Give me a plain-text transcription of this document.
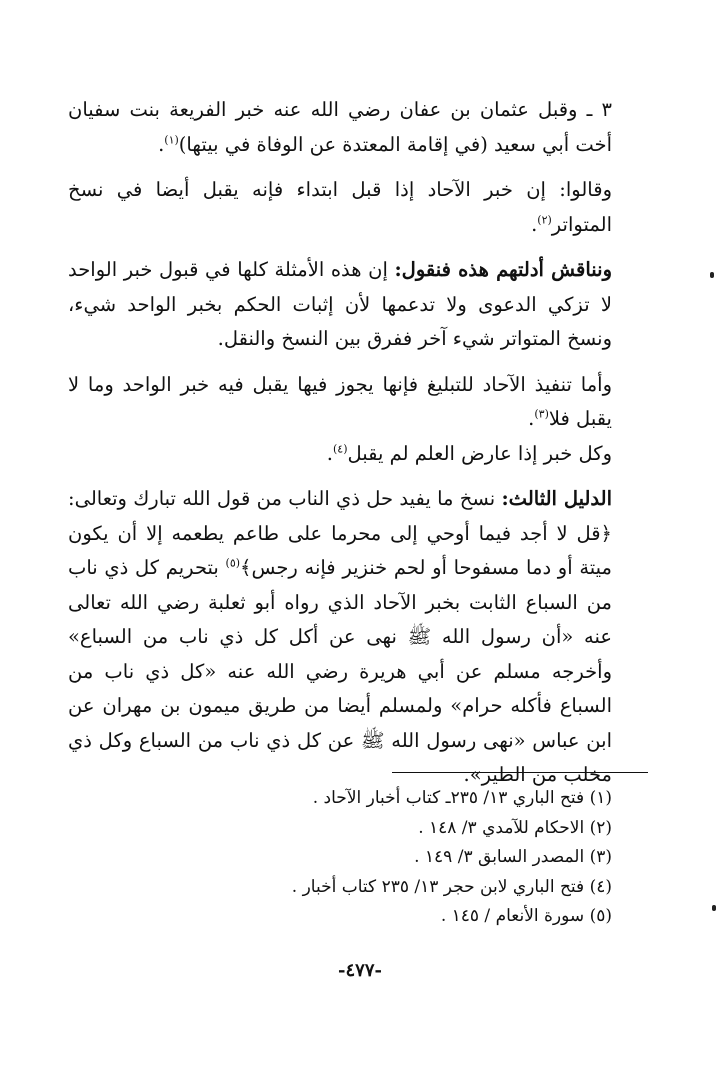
٣ ـ وقبل عثمان بن عفان رضي الله عنه خبر الفريعة بنت سفيان أخت أبي سعيد (في إقامة المعتدة عن الوفاة في بيتها)$^{(١)}$.

وقالوا: إن خبر الآحاد إذا قبل ابتداء فإنه يقبل أيضا في نسخ المتواتر$^{(٢)}$.

ونناقش أدلتهم هذه فنقول: إن هذه الأمثلة كلها في قبول خبر الواحد لا تزكي الدعوى ولا تدعمها لأن إثبات الحكم بخبر الواحد شيء، ونسخ المتواتر شيء آخر ففرق بين النسخ والنقل.

وأما تنفيذ الآحاد للتبليغ فإنها يجوز فيها يقبل فيه خبر الواحد وما لا يقبل فلا$^{(٣)}$.

وكل خبر إذا عارض العلم لم يقبل$^{(٤)}$.

الدليل الثالث: نسخ ما يفيد حل ذي الناب من قول الله تبارك وتعالى: ﴿قل لا أجد فيما أوحي إلى محرما على طاعم يطعمه إلا أن يكون ميتة أو دما مسفوحا أو لحم خنزير فإنه رجس﴾$^{(٥)}$ بتحريم كل ذي ناب من السباع الثابت بخبر الآحاد الذي رواه أبو ثعلبة رضي الله تعالى عنه «أن رسول الله ﷺ نهى عن أكل كل ذي ناب من السباع» وأخرجه مسلم عن أبي هريرة رضي الله عنه «كل ذي ناب من السباع فأكله حرام» ولمسلم أيضا من طريق ميمون بن مهران عن ابن عباس «نهى رسول الله ﷺ عن كل ذي ناب من السباع وكل ذي مخلب من الطير».

(١) فتح الباري ١٣/ ٢٣٥ـ كتاب أخبار الآحاد .
(٢) الاحكام للآمدي ٣/ ١٤٨ .
(٣) المصدر السابق ٣/ ١٤٩ .
(٤) فتح الباري لابن حجر ١٣/ ٢٣٥ كتاب أخبار .
(٥) سورة الأنعام / ١٤٥ .
-٤٧٧-
